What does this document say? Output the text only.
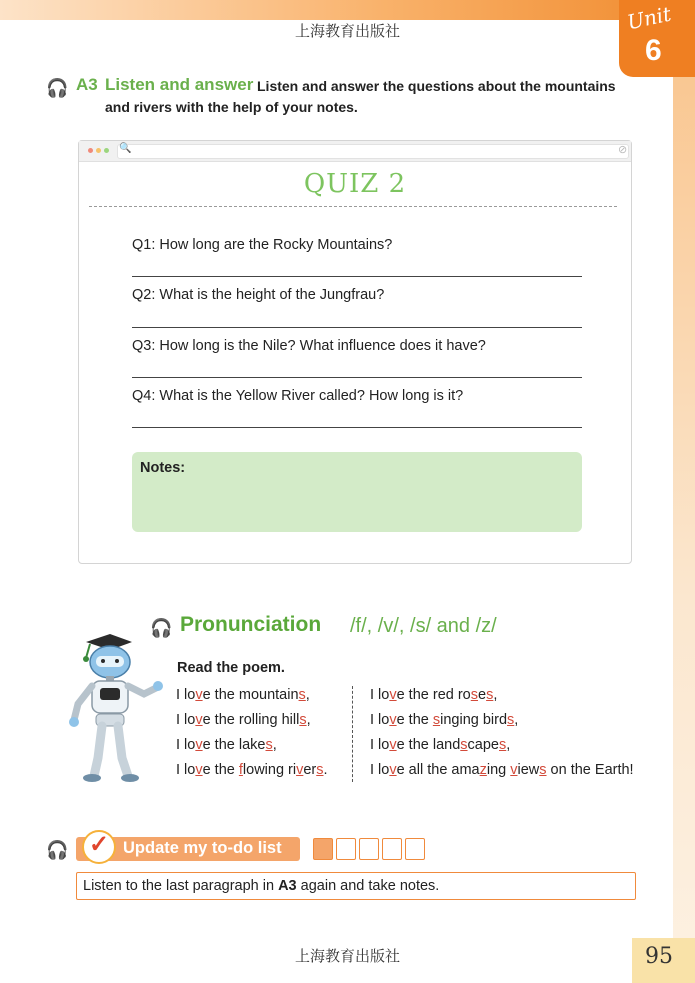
Unit
6
上海教育出版社
🎧 A3 Listen and answer Listen and answer the questions about the mountains and rivers with the help of your notes.
🔍	⊘
QUIZ 2
Q1: How long are the Rocky Mountains?
Q2: What is the height of the Jungfrau?
Q3: How long is the Nile? What influence does it have?
Q4: What is the Yellow River called? How long is it?
Notes:
🎧 Pronunciation /f/, /v/, /s/ and /z/
Read the poem.
I love the mountains,
I love the rolling hills,
I love the lakes,
I love the flowing rivers.
I love the red roses,
I love the singing birds,
I love the landscapes,
I love all the amazing views on the Earth!
🎧 ✓ Update my to-do list
Listen to the last paragraph in A3 again and take notes.
上海教育出版社	95
